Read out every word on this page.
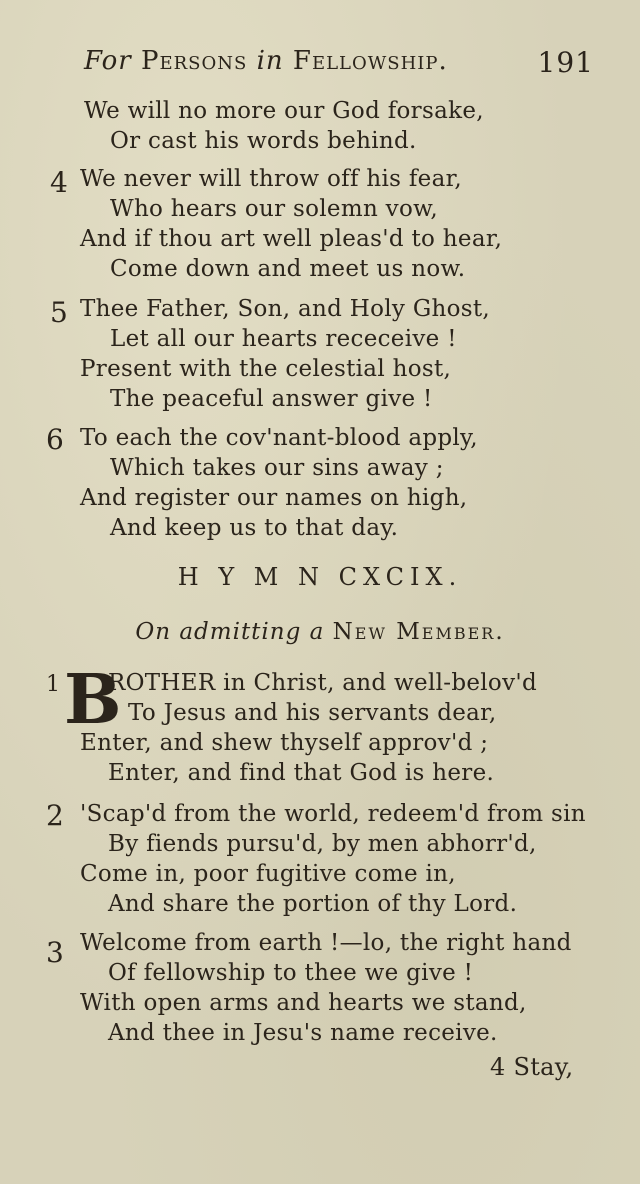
For Persons in Fellowship.	191
We will no more our God forsake,
Or cast his words behind.
4 We never will throw off his fear,
Who hears our solemn vow,
And if thou art well pleas'd to hear,
Come down and meet us now.
5 Thee Father, Son, and Holy Ghost,
Let all our hearts receceive !
Present with the celestial host,
The peaceful answer give !
6 To each the cov'nant-blood apply,
Which takes our sins away ;
And register our names on high,
And keep us to that day.
H Y M N CXCIX.
On admitting a New Member.
1 B
ROTHER in Christ, and well-belov'd
To Jesus and his servants dear,
Enter, and shew thyself approv'd ;
Enter, and find that God is here.
2 'Scap'd from the world, redeem'd from sin
By fiends pursu'd, by men abhorr'd,
Come in, poor fugitive come in,
And share the portion of thy Lord.
3 Welcome from earth !—lo, the right hand
Of fellowship to thee we give !
With open arms and hearts we stand,
And thee in Jesu's name receive.
4 Stay,
